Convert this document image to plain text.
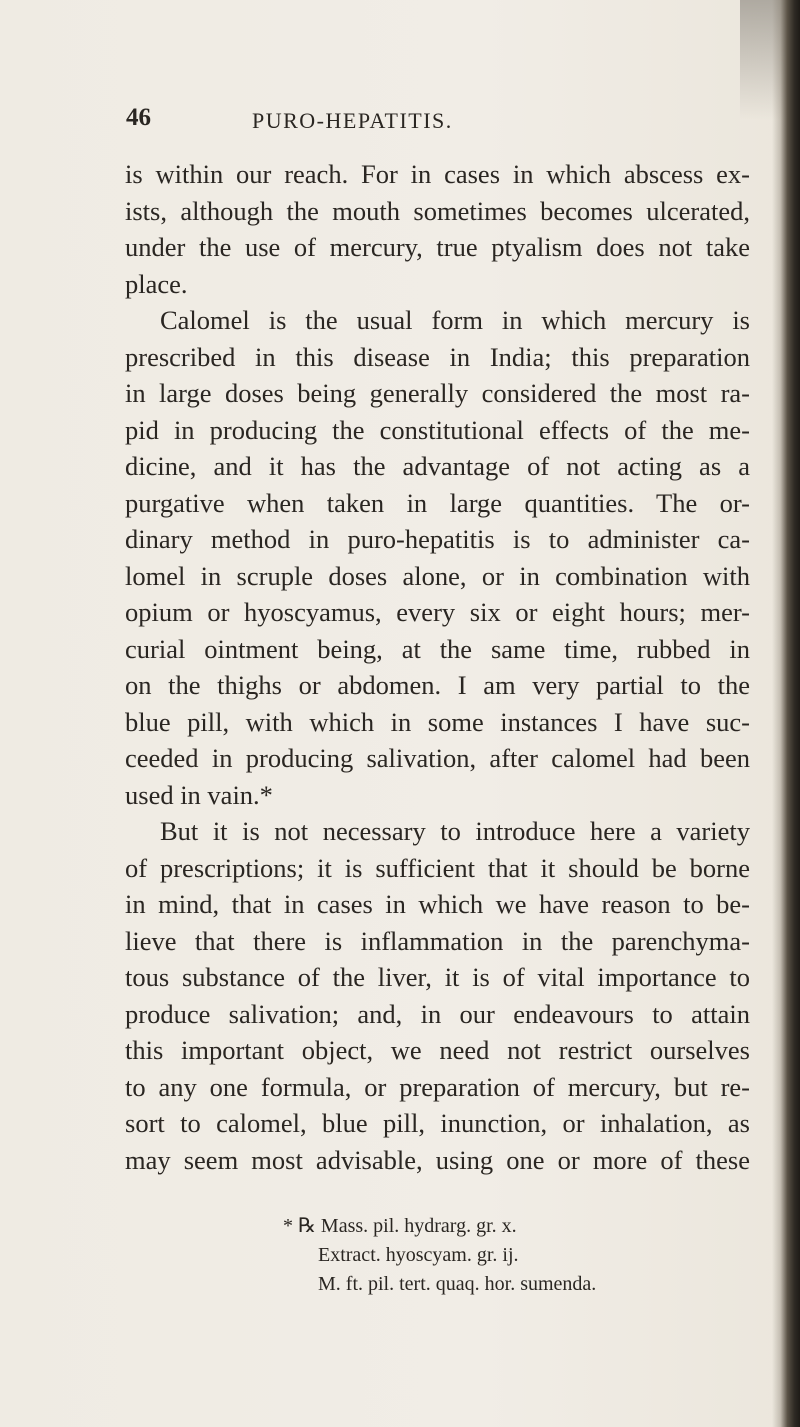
46	PURO-HEPATITIS.
is within our reach. For in cases in which abscess ex-
ists, although the mouth sometimes becomes ulcerated,
under the use of mercury, true ptyalism does not take
place.
Calomel is the usual form in which mercury is
prescribed in this disease in India; this preparation
in large doses being generally considered the most ra-
pid in producing the constitutional effects of the me-
dicine, and it has the advantage of not acting as a
purgative when taken in large quantities. The or-
dinary method in puro-hepatitis is to administer ca-
lomel in scruple doses alone, or in combination with
opium or hyoscyamus, every six or eight hours; mer-
curial ointment being, at the same time, rubbed in
on the thighs or abdomen. I am very partial to the
blue pill, with which in some instances I have suc-
ceeded in producing salivation, after calomel had been
used in vain.*
But it is not necessary to introduce here a variety
of prescriptions; it is sufficient that it should be borne
in mind, that in cases in which we have reason to be-
lieve that there is inflammation in the parenchyma-
tous substance of the liver, it is of vital importance to
produce salivation; and, in our endeavours to attain
this important object, we need not restrict ourselves
to any one formula, or preparation of mercury, but re-
sort to calomel, blue pill, inunction, or inhalation, as
may seem most advisable, using one or more of these
* ℞ Mass. pil. hydrarg. gr. x.
Extract. hyoscyam. gr. ij.
M. ft. pil. tert. quaq. hor. sumenda.
